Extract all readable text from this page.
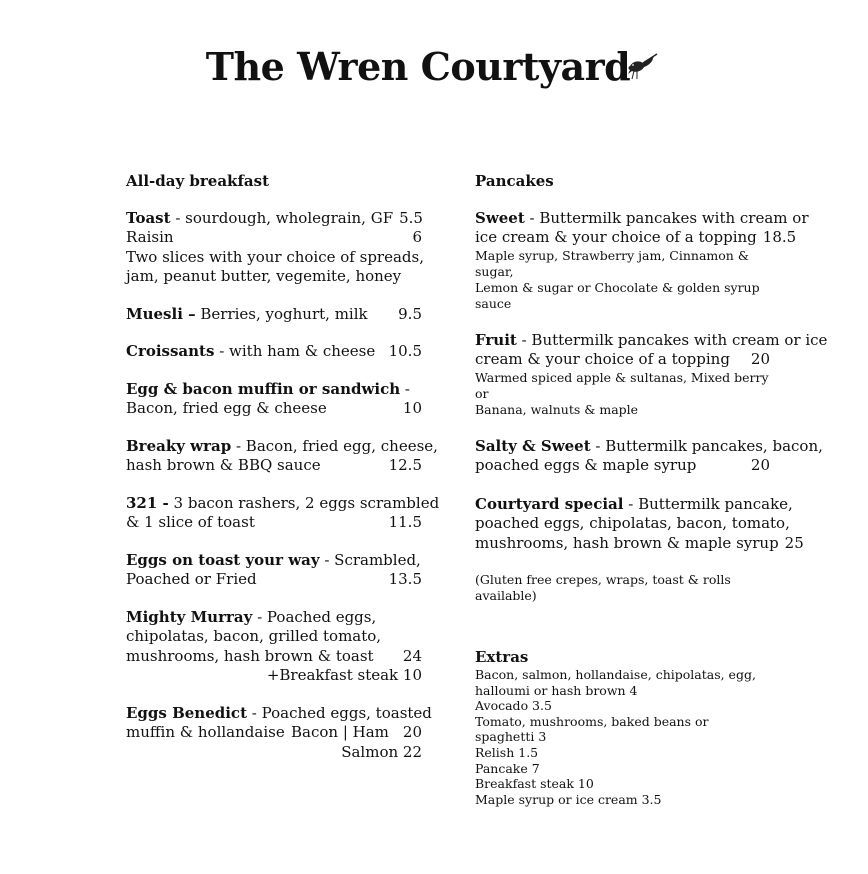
The Wren Courtyard
All-day breakfast
Toast - sourdough, wholegrain, GF 5.5
Raisin	6
Two slices with your choice of spreads,
jam, peanut butter, vegemite, honey
Muesli – Berries, yoghurt, milk	9.5
Croissants - with ham & cheese 10.5
Egg & bacon muffin or sandwich -
Bacon, fried egg & cheese	10
Breaky wrap - Bacon, fried egg, cheese,
hash brown & BBQ sauce	12.5
321 - 3 bacon rashers, 2 eggs scrambled
& 1 slice of toast	11.5
Eggs on toast your way - Scrambled,
Poached or Fried	13.5
Mighty Murray - Poached eggs,
chipolatas, bacon, grilled tomato,
mushrooms, hash brown & toast	24
+Breakfast steak 10
Eggs Benedict - Poached eggs, toasted
muffin & hollandaise Bacon | Ham 20
Salmon 22
Pancakes
Sweet - Buttermilk pancakes with cream or
ice cream & your choice of a topping 18.5
Maple syrup, Strawberry jam, Cinnamon & sugar,
Lemon & sugar or Chocolate & golden syrup sauce
Fruit - Buttermilk pancakes with cream or ice
cream & your choice of a topping	20
Warmed spiced apple & sultanas, Mixed berry or
Banana, walnuts & maple
Salty & Sweet - Buttermilk pancakes, bacon,
poached eggs & maple syrup	20
Courtyard special - Buttermilk pancake,
poached eggs, chipolatas, bacon, tomato,
mushrooms, hash brown & maple syrup 25
(Gluten free crepes, wraps, toast & rolls available)
Extras
Bacon, salmon, hollandaise, chipolatas, egg,
halloumi or hash brown 4
Avocado 3.5
Tomato, mushrooms, baked beans or spaghetti 3
Relish 1.5
Pancake 7
Breakfast steak 10
Maple syrup or ice cream 3.5
